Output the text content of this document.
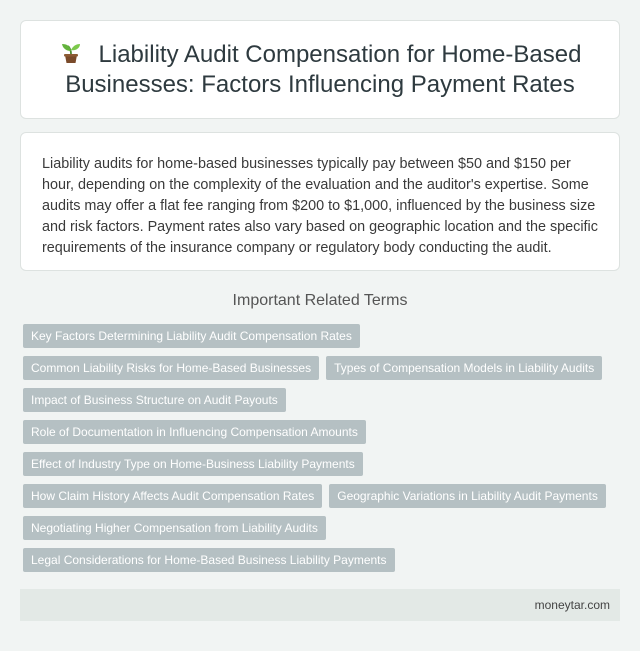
Liability Audit Compensation for Home-Based Businesses: Factors Influencing Payment Rates

Liability audits for home-based businesses typically pay between $50 and $150 per hour, depending on the complexity of the evaluation and the auditor's expertise. Some audits may offer a flat fee ranging from $200 to $1,000, influenced by the business size and risk factors. Payment rates also vary based on geographic location and the specific requirements of the insurance company or regulatory body conducting the audit.

Important Related Terms
Key Factors Determining Liability Audit Compensation Rates
Common Liability Risks for Home-Based Businesses	Types of Compensation Models in Liability Audits
Impact of Business Structure on Audit Payouts
Role of Documentation in Influencing Compensation Amounts
Effect of Industry Type on Home-Business Liability Payments
How Claim History Affects Audit Compensation Rates	Geographic Variations in Liability Audit Payments
Negotiating Higher Compensation from Liability Audits
Legal Considerations for Home-Based Business Liability Payments
moneytar.com
